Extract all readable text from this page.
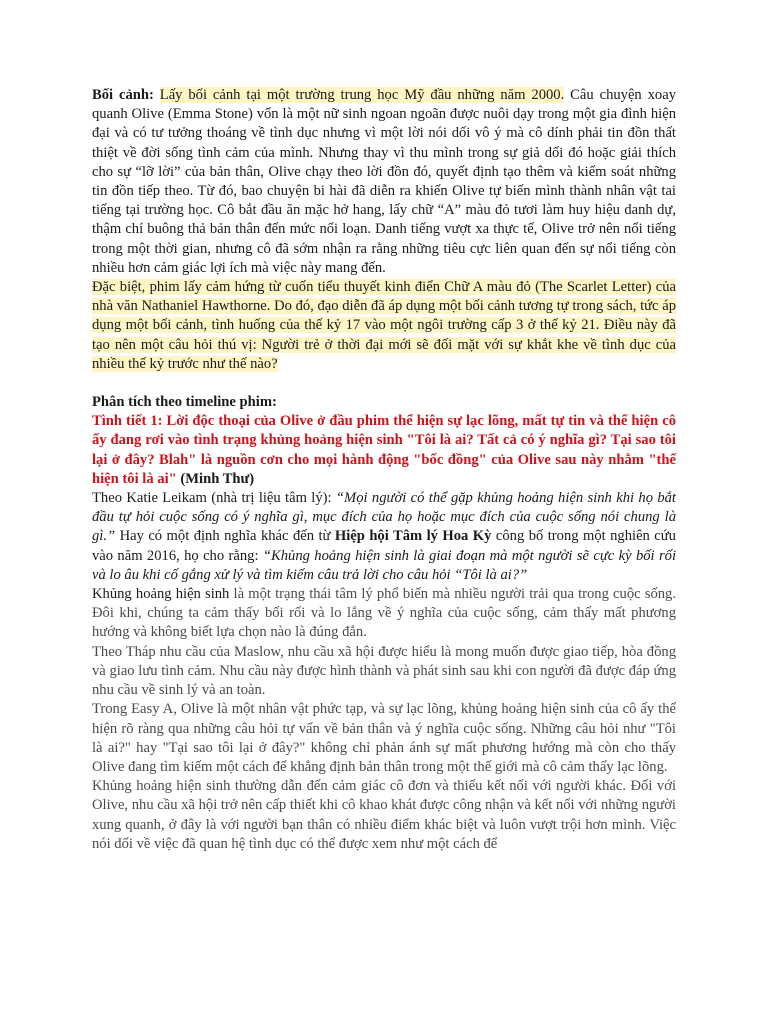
Bối cảnh: Lấy bối cảnh tại một trường trung học Mỹ đầu những năm 2000. Câu chuyện xoay quanh Olive (Emma Stone) vốn là một nữ sinh ngoan ngoãn được nuôi dạy trong một gia đình hiện đại và có tư tưởng thoáng về tình dục nhưng vì một lời nói dối vô ý mà cô dính phải tin đồn thất thiệt về đời sống tình cảm của mình. Nhưng thay vì thu mình trong sự giả dối đó hoặc giải thích cho sự “lỡ lời” của bản thân, Olive chạy theo lời đồn đó, quyết định tạo thêm và kiểm soát những tin đồn tiếp theo. Từ đó, bao chuyện bi hài đã diễn ra khiến Olive tự biến mình thành nhân vật tai tiếng tại trường học. Cô bắt đầu ăn mặc hở hang, lấy chữ “A” màu đỏ tươi làm huy hiệu danh dự, thậm chí buông thả bản thân đến mức nổi loạn. Danh tiếng vượt xa thực tế, Olive trở nên nổi tiếng trong một thời gian, nhưng cô đã sớm nhận ra rằng những tiêu cực liên quan đến sự nổi tiếng còn nhiều hơn cảm giác lợi ích mà việc này mang đến.

Đặc biệt, phim lấy cảm hứng từ cuốn tiểu thuyết kinh điển Chữ A màu đỏ (The Scarlet Letter) của nhà văn Nathaniel Hawthorne. Do đó, đạo diễn đã áp dụng một bối cảnh tương tự trong sách, tức áp dụng một bối cảnh, tình huống của thế kỷ 17 vào một ngôi trường cấp 3 ở thế kỷ 21. Điều này đã tạo nên một câu hỏi thú vị: Người trẻ ở thời đại mới sẽ đối mặt với sự khắt khe về tình dục của nhiều thế kỷ trước như thế nào?

Phân tích theo timeline phim:

Tình tiết 1: Lời độc thoại của Olive ở đầu phim thể hiện sự lạc lõng, mất tự tin và thể hiện cô ấy đang rơi vào tình trạng khủng hoảng hiện sinh "Tôi là ai? Tất cả có ý nghĩa gì? Tại sao tôi lại ở đây? Blah" là nguồn cơn cho mọi hành động "bốc đồng" của Olive sau này nhằm "thể hiện tôi là ai" (Minh Thư)

Theo Katie Leikam (nhà trị liệu tâm lý): “Mọi người có thể gặp khủng hoảng hiện sinh khi họ bắt đầu tự hỏi cuộc sống có ý nghĩa gì, mục đích của họ hoặc mục đích của cuộc sống nói chung là gì.” Hay có một định nghĩa khác đến từ Hiệp hội Tâm lý Hoa Kỳ công bố trong một nghiên cứu vào năm 2016, họ cho rằng: “Khủng hoảng hiện sinh là giai đoạn mà một người sẽ cực kỳ bối rối và lo âu khi cố gắng xử lý và tìm kiếm câu trả lời cho câu hỏi “Tôi là ai?”

Khủng hoảng hiện sinh là một trạng thái tâm lý phổ biến mà nhiều người trải qua trong cuộc sống. Đôi khi, chúng ta cảm thấy bối rối và lo lắng về ý nghĩa của cuộc sống, cảm thấy mất phương hướng và không biết lựa chọn nào là đúng đắn.

Theo Tháp nhu cầu của Maslow, nhu cầu xã hội được hiểu là mong muốn được giao tiếp, hòa đồng và giao lưu tình cảm. Nhu cầu này được hình thành và phát sinh sau khi con người đã được đáp ứng nhu cầu về sinh lý và an toàn.

Trong Easy A, Olive là một nhân vật phức tạp, và sự lạc lõng, khủng hoảng hiện sinh của cô ấy thể hiện rõ ràng qua những câu hỏi tự vấn về bản thân và ý nghĩa cuộc sống. Những câu hỏi như "Tôi là ai?" hay "Tại sao tôi lại ở đây?" không chỉ phản ánh sự mất phương hướng mà còn cho thấy Olive đang tìm kiếm một cách để khẳng định bản thân trong một thế giới mà cô cảm thấy lạc lõng.

Khủng hoảng hiện sinh thường dẫn đến cảm giác cô đơn và thiếu kết nối với người khác. Đối với Olive, nhu cầu xã hội trở nên cấp thiết khi cô khao khát được công nhận và kết nối với những người xung quanh, ở đây là với người bạn thân có nhiều điểm khác biệt và luôn vượt trội hơn mình. Việc nói dối về việc đã quan hệ tình dục có thể được xem như một cách để
